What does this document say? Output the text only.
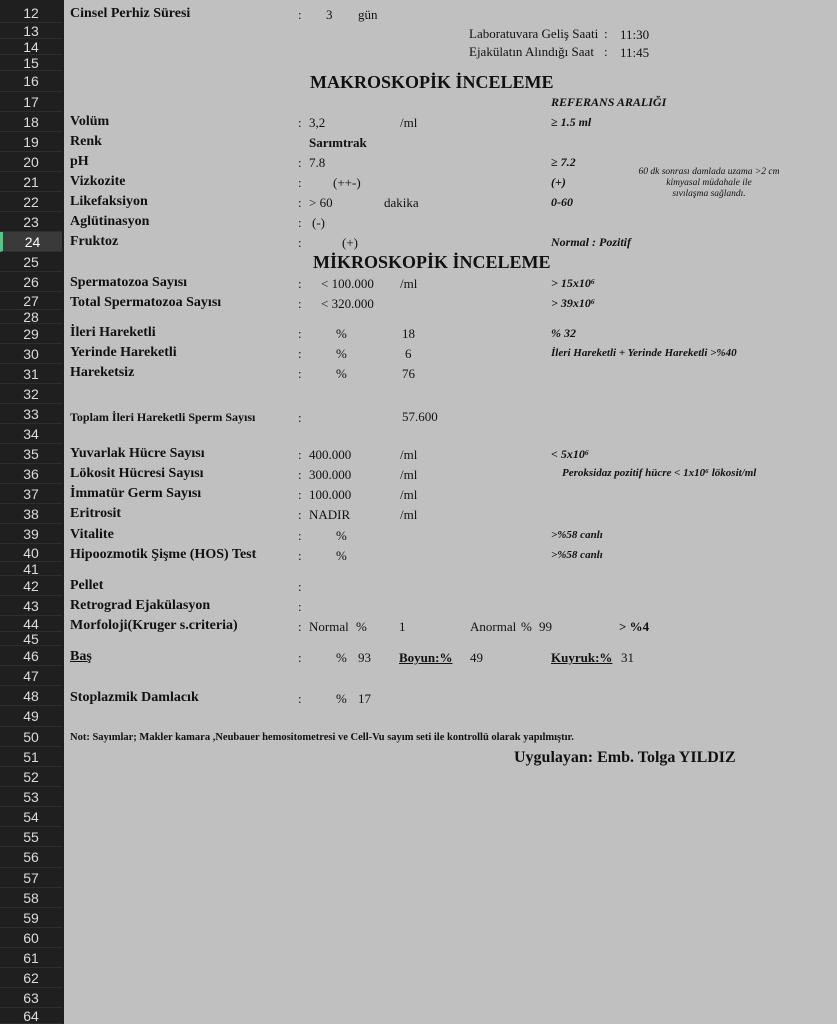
12
13
14
15
16
17
18
19
20
21
22
23
24
25
26
27
28
29
30
31
32
33
34
35
36
37
38
39
40
41
42
43
44
45
46
47
48
49
50
51
52
53
54
55
56
57
58
59
60
61
62
63
64
Cinsel Perhiz Süresi	: 3 gün
Laboratuvara Geliş Saati : 11:30
Ejakülatın Alındığı Saat : 11:45
MAKROSKOPİK İNCELEME
REFERANS ARALIĞI
Volüm	: 3,2	/ml	≥ 1.5 ml
Renk	Sarımtrak
pH	: 7.8	≥ 7.2
60 dk sonrası damlada uzama >2 cm
kimyasal müdahale ile
sıvılaşma sağlandı.
Vizkozite	: (++-)	(+)
Likefaksiyon	: > 60	dakika	0-60
Aglütinasyon	: (-)
Fruktoz	:	(+)	Normal : Pozitif
MİKROSKOPİK İNCELEME
Spermatozoa Sayısı	: < 100.000 /ml	> 15x10⁶
Total Spermatozoa Sayısı	: < 320.000	> 39x10⁶
İleri Hareketli	:	%	18	% 32
Yerinde Hareketli	:	%	6	İleri Hareketli + Yerinde Hareketli >%40
Hareketsiz	:	%	76
Toplam İleri Hareketli Sperm Sayısı	:	57.600
Yuvarlak Hücre Sayısı	: 400.000	/ml	< 5x10⁶
Lökosit Hücresi Sayısı	: 300.000	/ml	Peroksidaz pozitif hücre < 1x10⁶ lökosit/ml
İmmatür Germ Sayısı	: 100.000	/ml
Eritrosit	: NADIR	/ml
Vitalite	:	%	>%58 canlı
Hipoozmotik Şişme (HOS) Test	:	%	>%58 canlı
Pellet	:
Retrograd Ejakülasyon	:
Morfoloji(Kruger s.criteria)	: Normal % 1	Anormal % 99	> %4
Baş	:	% 93 Boyun:% 49	Kuyruk:% 31
Stoplazmik Damlacık	:	% 17
Not: Sayımlar; Makler kamara ,Neubauer hemositometresi ve Cell-Vu sayım seti ile kontrollü olarak yapılmıştır.
Uygulayan: Emb. Tolga YILDIZ
